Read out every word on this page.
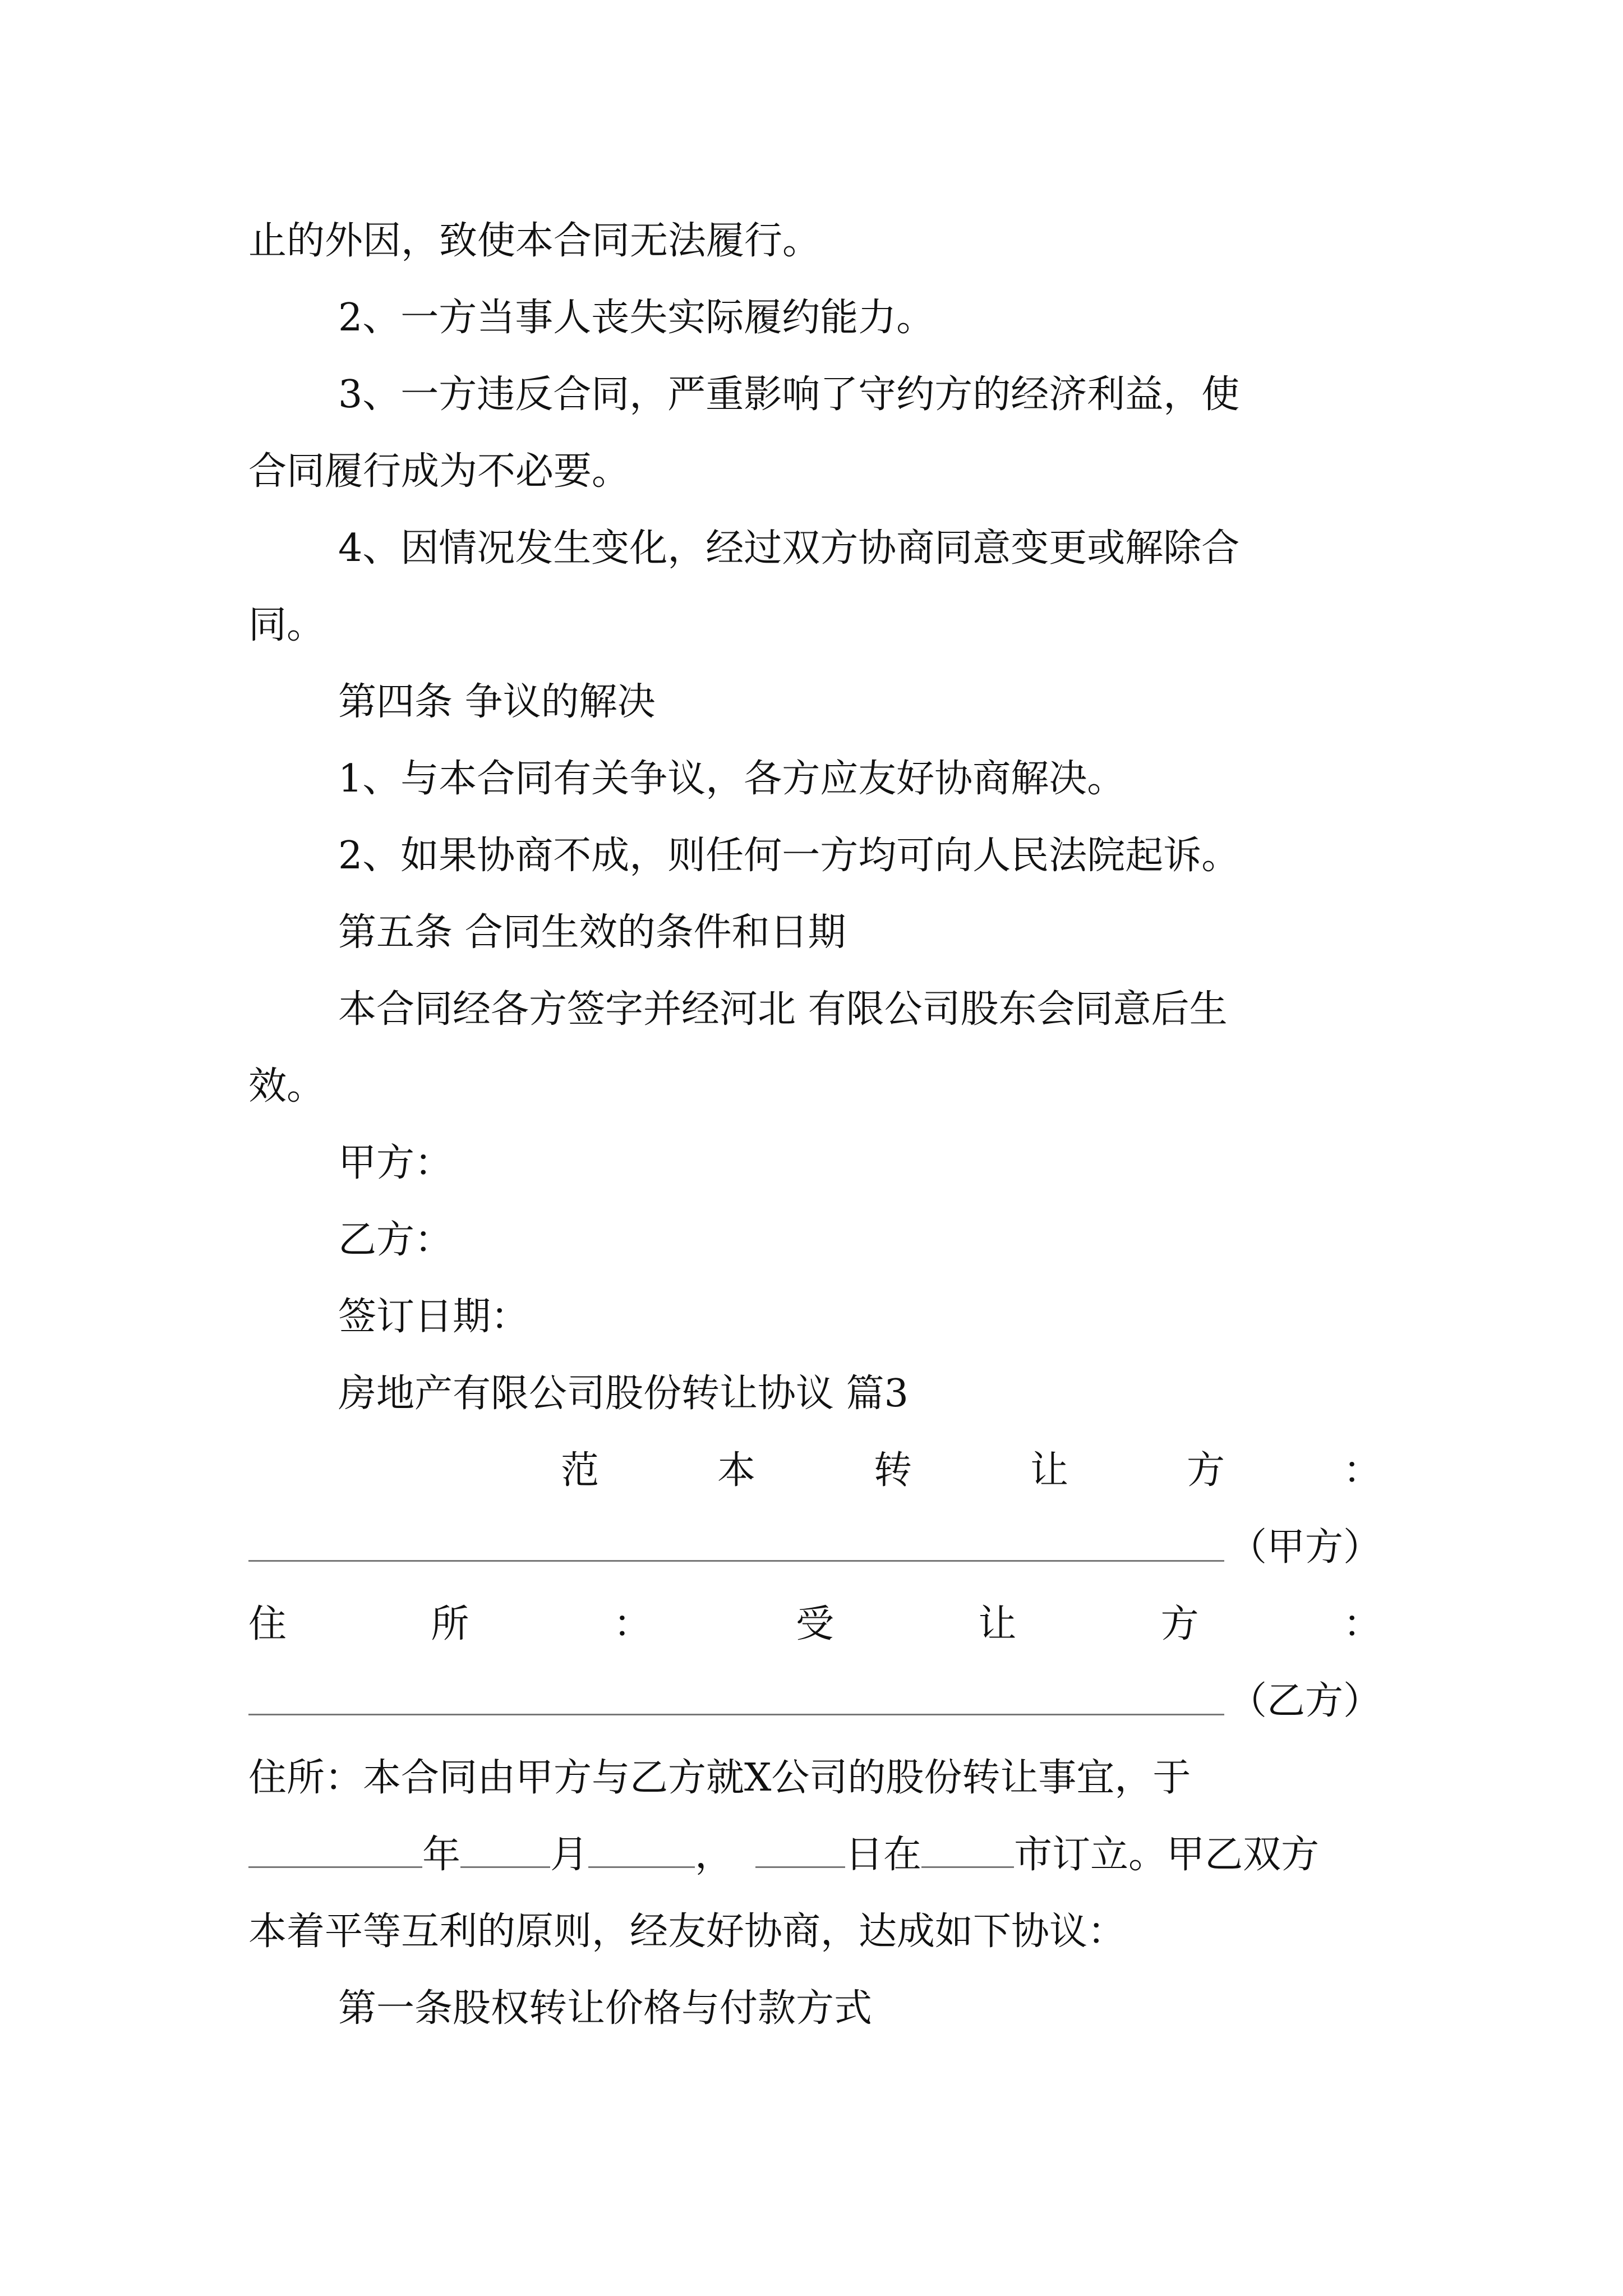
止的外因，致使本合同无法履行。
2、一方当事人丧失实际履约能力。
3、一方违反合同，严重影响了守约方的经济利益，使
合同履行成为不必要。
4、因情况发生变化，经过双方协商同意变更或解除合
同。
第四条 争议的解决
1、与本合同有关争议，各方应友好协商解决。
2、如果协商不成，则任何一方均可向人民法院起诉。
第五条 合同生效的条件和日期
本合同经各方签字并经河北 有限公司股东会同意后生
效。
甲方：
乙方：
签订日期：
房地产有限公司股份转让协议 篇3
范	本	转	让	方	：
（甲方）
住	所	：	受	让	方	：
（乙方）
住所：本合同由甲方与乙方就X公司的股份转让事宜，于
年 月	，	日在 市订立。甲乙双方
本着平等互利的原则，经友好协商，达成如下协议：
第一条股权转让价格与付款方式
